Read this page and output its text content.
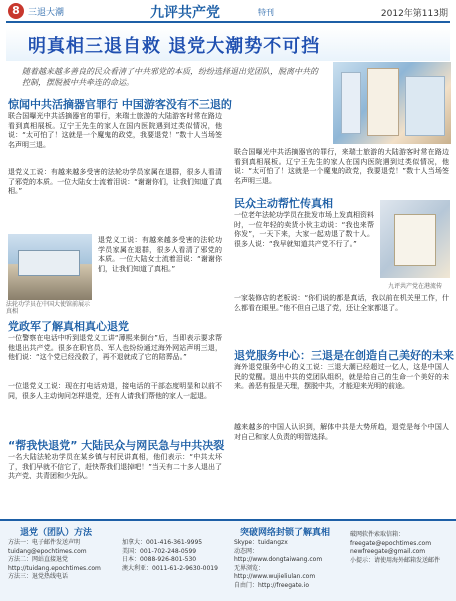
8 三退大潮	九评共产党	特刊	2012年第113期
明真相三退自救 退党大潮势不可挡
随着越来越多善良的民众看清了中共邪党的本质，纷纷选择退出党团队，脱离中共的控制，摆脱被中共牵连的命运。
惊闻中共活摘器官罪行 中国游客没有不三退的
联合国曝光中共活摘器官的罪行，来瑞士旅游的大陆游客时常在路边看到真相展板。辽宁王先生的家人在国内医院遇到过类似情况，他说：“太可怕了！这就是一个魔鬼的政党，我要退党！”数十人当场签名声明三退。
退党义工说：有越来越多受害的法轮功学员家属在退群，很多人看清了邪党的本质。一位大陆女士流着泪说：“谢谢你们，让我们知道了真相。”
法轮功学员在中国大使馆前展示真相
退党义工说：有越来越多受害的法轮功学员家属在退群，很多人看清了邪党的本质。一位大陆女士流着泪说：“谢谢你们，让我们知道了真相。”
党政军了解真相真心退党
一位警察在电话中听到退党义工讲“薄熙来倒台”后，当即表示要求帮他退出共产党。很多在职官员、军人也纷纷通过海外网站声明三退，他们说：“这个党已经没救了，再不退就成了它的陪葬品。”
一位退党义工说：现在打电话劝退，接电话的干部态度明显和以前不同，很多人主动询问怎样退党，还有人请我们帮他的家人一起退。
“帮我快退党” 大陆民众与网民急与中共决裂
一名大陆法轮功学员在某乡镇与村民讲真相，他们表示：“中共太坏了，我们早就不信它了，赶快帮我们退掉吧！”当天有二十多人退出了共产党、共青团和少先队。
联合国曝光中共活摘器官的罪行，来瑞士旅游的大陆游客时常在路边看到真相展板。辽宁王先生的家人在国内医院遇到过类似情况，他说：“太可怕了！这就是一个魔鬼的政党，我要退党！”数十人当场签名声明三退。
民众主动帮忙传真相
一位老年法轮功学员在批发市场上发真相资料时，一位年轻的卖货小伙主动说：“我也来帮你发”，一天下来，大家一起劝退了数十人。很多人说：“我早就知道共产党不行了。”
九评共产党在港流传
一家装修店的老板说：“你们说的都是真话，我以前在机关里工作，什么都看在眼里。”他不但自己退了党，还让全家都退了。
退党服务中心：三退是在创造自己美好的未来
海外退党服务中心的义工说：三退大潮已经超过一亿人，这是中国人民的觉醒。退出中共的党团队组织，就是给自己的生命一个美好的未来。善恶有报是天理，摆脱中共，才能迎来光明的前途。
越来越多的中国人认识到，解体中共是大势所趋，退党是每个中国人对自己和家人负责的明智选择。
退党（团队）方法
方法一：电子邮件发送声明
tuidang@epochtimes.com
方法二：网站直接退党
http://tuidang.epochtimes.com
方法三：退党热线电话
加拿大：001-416-361-9995
美国：001-702-248-0599
日本：0088-926-801-530
澳大利亚：0011-61-2-9630-0019
突破网络封锁了解真相
Skype：tuidangzx
动态网：http://www.dongtaiwang.com
无界浏览：http://www.wujieliulan.com
自由门：http://freegate.io
破网软件索取信箱：
freegate@epochtimes.com
newfreegate@gmail.com
小提示：请使用海外邮箱发送邮件
